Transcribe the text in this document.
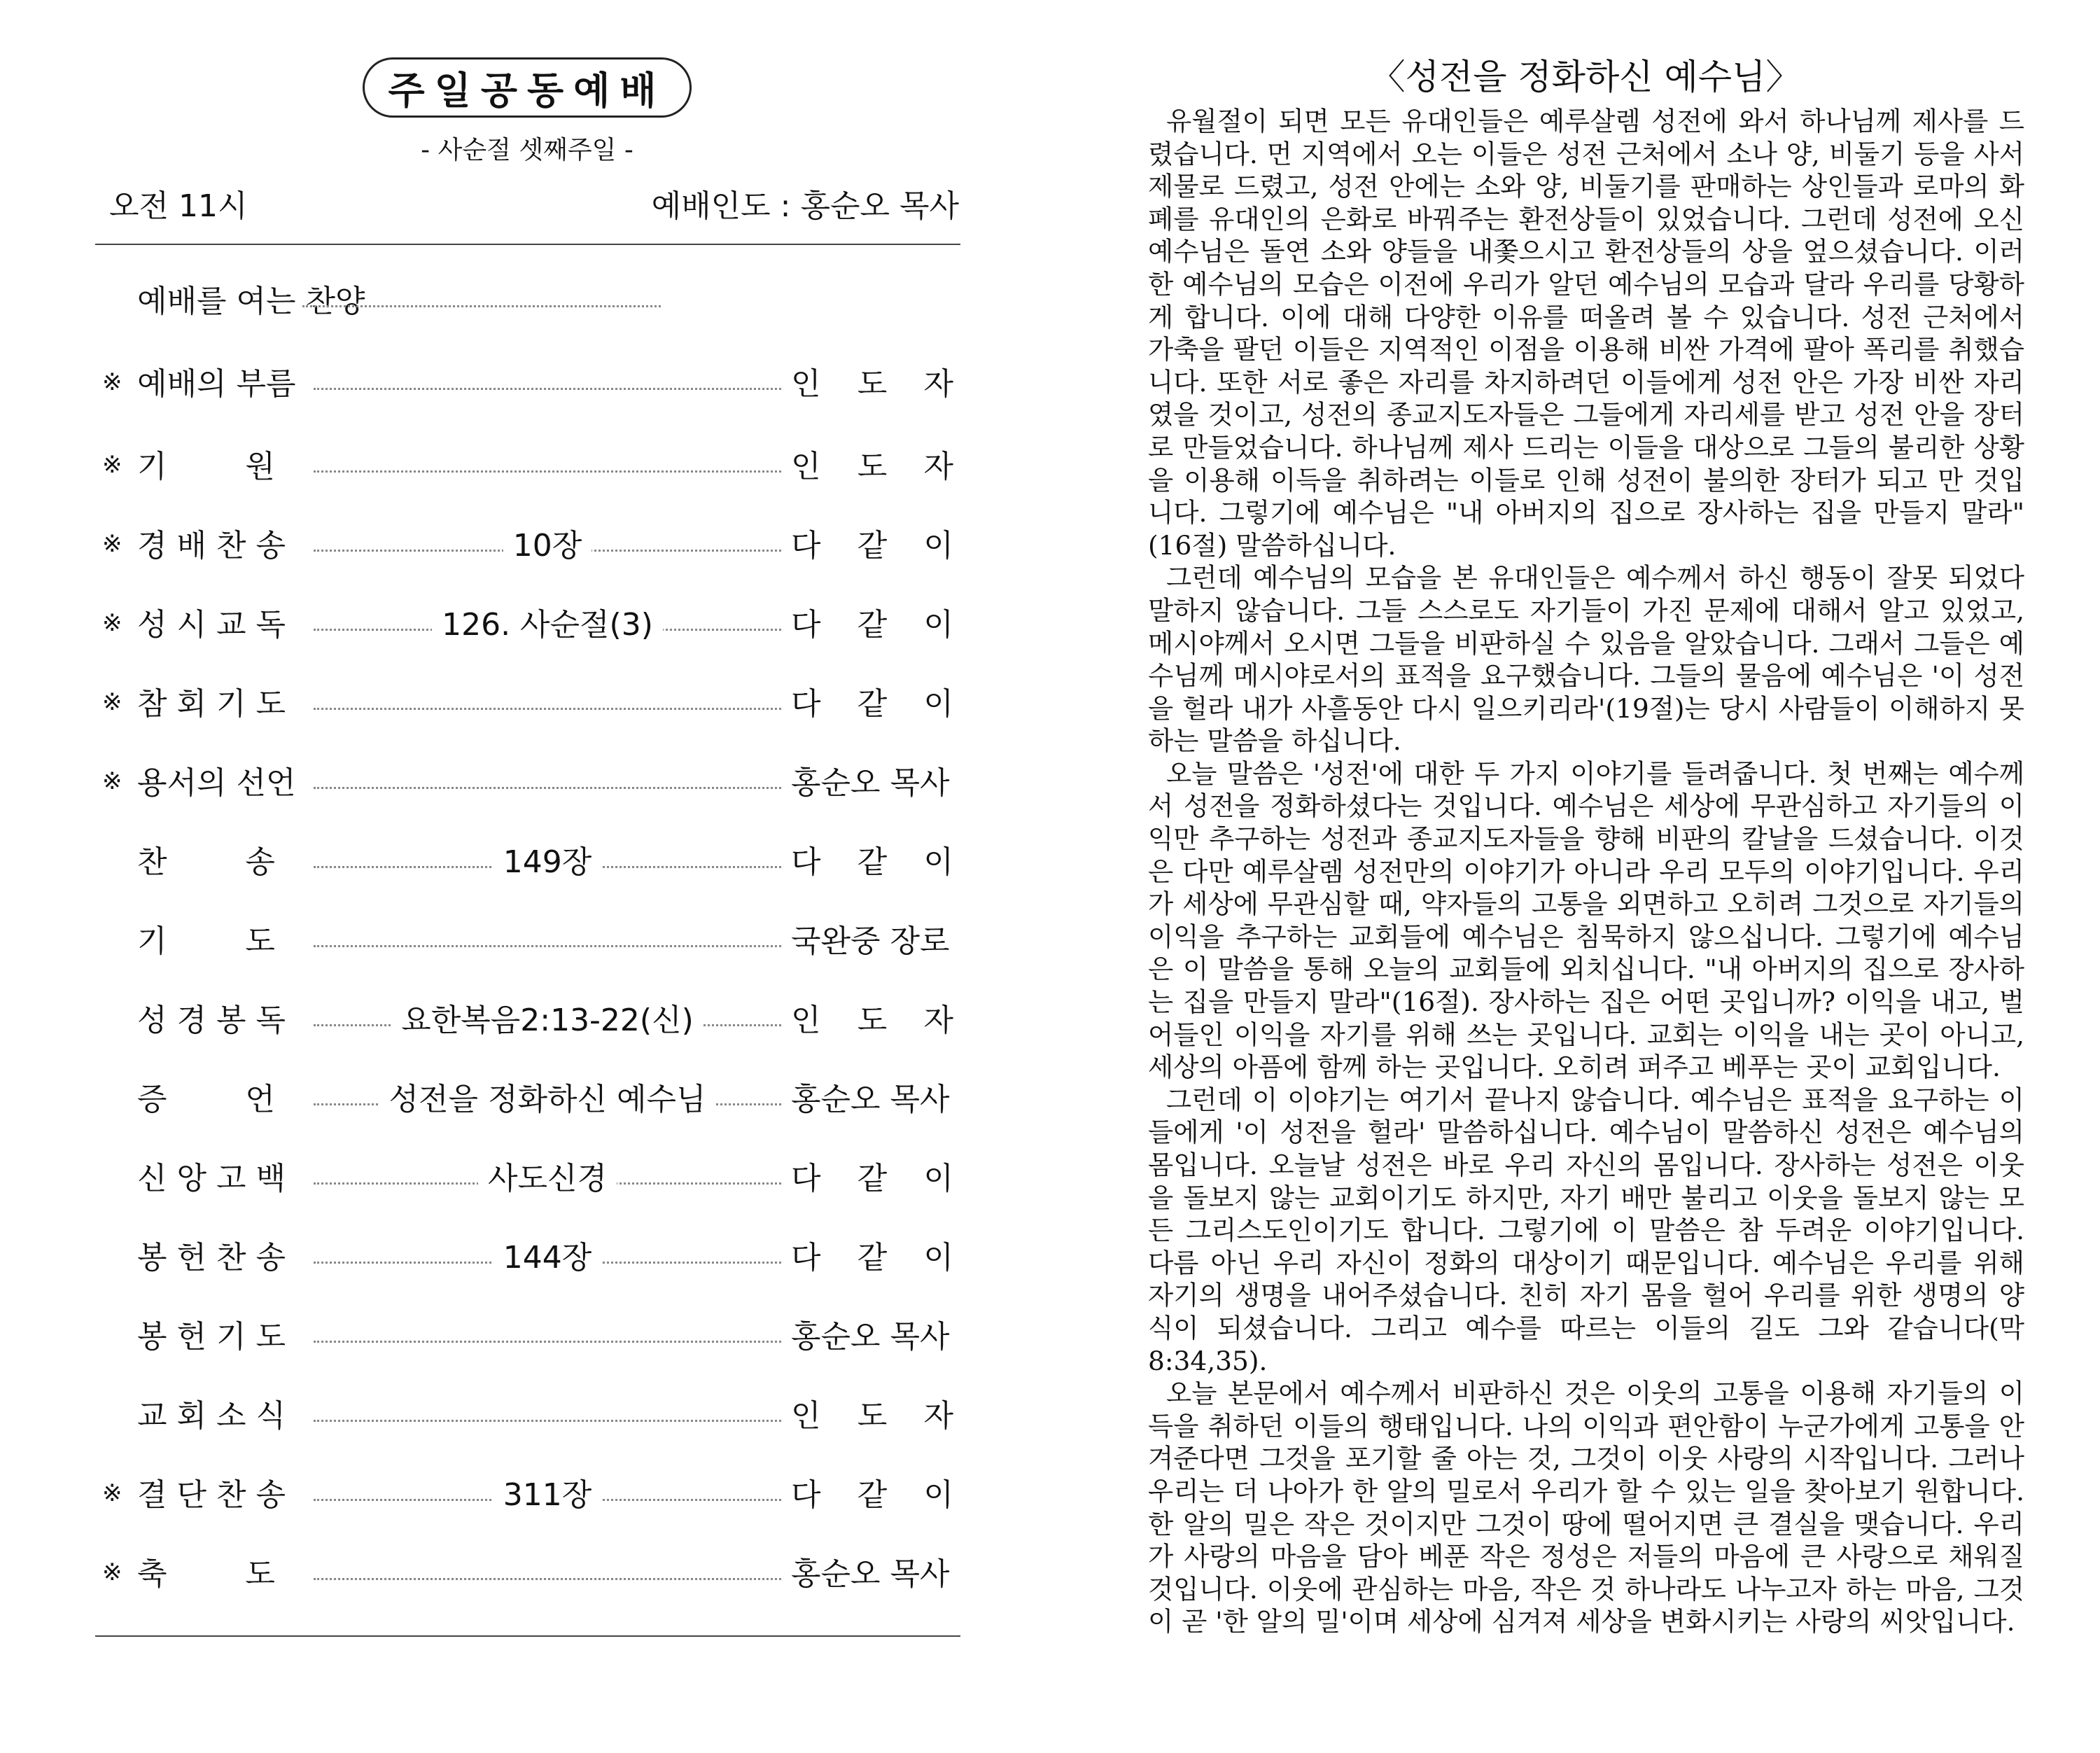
주일공동예배
- 사순절 셋째주일 -
오전 11시	예배인도 : 홍순오 목사
예배를 여는 찬양
※ 예배의 부름	인 도 자
※ 기        원	인 도 자
※ 경 배 찬 송	10장	다 같 이
※ 성 시 교 독	126. 사순절(3)	다 같 이
※ 참 회 기 도	다 같 이
※ 용서의 선언	홍순오 목사
찬        송	149장	다 같 이
기        도	국완중 장로
성 경 봉 독	요한복음2:13-22(신)	인 도 자
증        언	성전을 정화하신 예수님	홍순오 목사
신 앙 고 백	사도신경	다 같 이
봉 헌 찬 송	144장	다 같 이
봉 헌 기 도	홍순오 목사
교 회 소 식	인 도 자
※ 결 단 찬 송	311장	다 같 이
※ 축        도	홍순오 목사
〈성전을 정화하신 예수님〉

유월절이 되면 모든 유대인들은 예루살렘 성전에 와서 하나님께 제사를 드렸습니다. 먼 지역에서 오는 이들은 성전 근처에서 소나 양, 비둘기 등을 사서 제물로 드렸고, 성전 안에는 소와 양, 비둘기를 판매하는 상인들과 로마의 화폐를 유대인의 은화로 바꿔주는 환전상들이 있었습니다. 그런데 성전에 오신 예수님은 돌연 소와 양들을 내쫓으시고 환전상들의 상을 엎으셨습니다. 이러한 예수님의 모습은 이전에 우리가 알던 예수님의 모습과 달라 우리를 당황하게 합니다. 이에 대해 다양한 이유를 떠올려 볼 수 있습니다. 성전 근처에서 가축을 팔던 이들은 지역적인 이점을 이용해 비싼 가격에 팔아 폭리를 취했습니다. 또한 서로 좋은 자리를 차지하려던 이들에게 성전 안은 가장 비싼 자리였을 것이고, 성전의 종교지도자들은 그들에게 자리세를 받고 성전 안을 장터로 만들었습니다. 하나님께 제사 드리는 이들을 대상으로 그들의 불리한 상황을 이용해 이득을 취하려는 이들로 인해 성전이 불의한 장터가 되고 만 것입니다. 그렇기에 예수님은 "내 아버지의 집으로 장사하는 집을 만들지 말라"(16절) 말씀하십니다.

그런데 예수님의 모습을 본 유대인들은 예수께서 하신 행동이 잘못 되었다 말하지 않습니다. 그들 스스로도 자기들이 가진 문제에 대해서 알고 있었고, 메시야께서 오시면 그들을 비판하실 수 있음을 알았습니다. 그래서 그들은 예수님께 메시야로서의 표적을 요구했습니다. 그들의 물음에 예수님은 '이 성전을 헐라 내가 사흘동안 다시 일으키리라'(19절)는 당시 사람들이 이해하지 못하는 말씀을 하십니다.

오늘 말씀은 '성전'에 대한 두 가지 이야기를 들려줍니다. 첫 번째는 예수께서 성전을 정화하셨다는 것입니다. 예수님은 세상에 무관심하고 자기들의 이익만 추구하는 성전과 종교지도자들을 향해 비판의 칼날을 드셨습니다. 이것은 다만 예루살렘 성전만의 이야기가 아니라 우리 모두의 이야기입니다. 우리가 세상에 무관심할 때, 약자들의 고통을 외면하고 오히려 그것으로 자기들의 이익을 추구하는 교회들에 예수님은 침묵하지 않으십니다. 그렇기에 예수님은 이 말씀을 통해 오늘의 교회들에 외치십니다. "내 아버지의 집으로 장사하는 집을 만들지 말라"(16절). 장사하는 집은 어떤 곳입니까? 이익을 내고, 벌어들인 이익을 자기를 위해 쓰는 곳입니다. 교회는 이익을 내는 곳이 아니고, 세상의 아픔에 함께 하는 곳입니다. 오히려 퍼주고 베푸는 곳이 교회입니다.

그런데 이 이야기는 여기서 끝나지 않습니다. 예수님은 표적을 요구하는 이들에게 '이 성전을 헐라' 말씀하십니다. 예수님이 말씀하신 성전은 예수님의 몸입니다. 오늘날 성전은 바로 우리 자신의 몸입니다. 장사하는 성전은 이웃을 돌보지 않는 교회이기도 하지만, 자기 배만 불리고 이웃을 돌보지 않는 모든 그리스도인이기도 합니다. 그렇기에 이 말씀은 참 두려운 이야기입니다. 다름 아닌 우리 자신이 정화의 대상이기 때문입니다. 예수님은 우리를 위해 자기의 생명을 내어주셨습니다. 친히 자기 몸을 헐어 우리를 위한 생명의 양식이 되셨습니다. 그리고 예수를 따르는 이들의 길도 그와 같습니다(막8:34,35).

오늘 본문에서 예수께서 비판하신 것은 이웃의 고통을 이용해 자기들의 이득을 취하던 이들의 행태입니다. 나의 이익과 편안함이 누군가에게 고통을 안겨준다면 그것을 포기할 줄 아는 것, 그것이 이웃 사랑의 시작입니다. 그러나 우리는 더 나아가 한 알의 밀로서 우리가 할 수 있는 일을 찾아보기 원합니다. 한 알의 밀은 작은 것이지만 그것이 땅에 떨어지면 큰 결실을 맺습니다. 우리가 사랑의 마음을 담아 베푼 작은 정성은 저들의 마음에 큰 사랑으로 채워질 것입니다. 이웃에 관심하는 마음, 작은 것 하나라도 나누고자 하는 마음, 그것이 곧 '한 알의 밀'이며 세상에 심겨져 세상을 변화시키는 사랑의 씨앗입니다.
